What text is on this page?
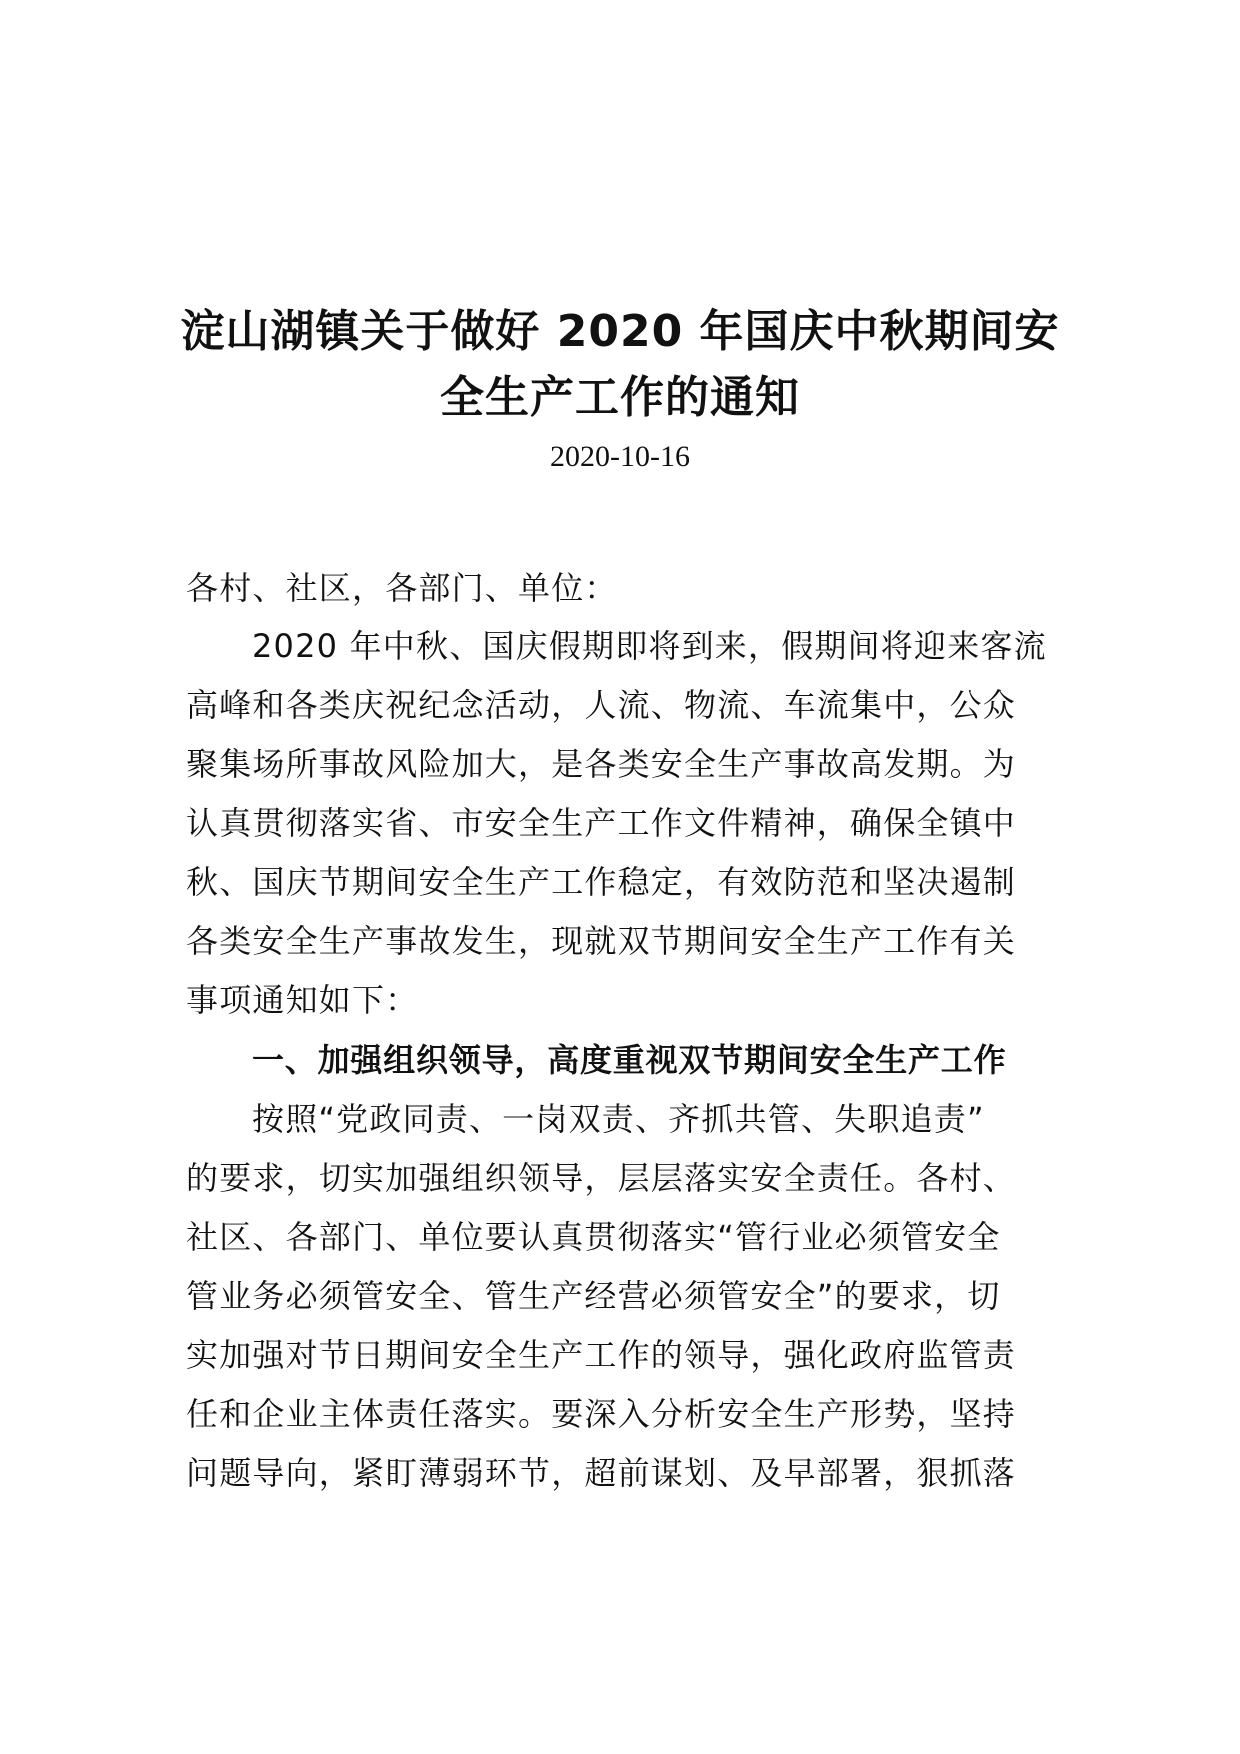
淀山湖镇关于做好 2020 年国庆中秋期间安
全生产工作的通知
2020-10-16
各村、社区，各部门、单位：
2020 年中秋、国庆假期即将到来，假期间将迎来客流
高峰和各类庆祝纪念活动，人流、物流、车流集中，公众
聚集场所事故风险加大，是各类安全生产事故高发期。为
认真贯彻落实省、市安全生产工作文件精神，确保全镇中
秋、国庆节期间安全生产工作稳定，有效防范和坚决遏制
各类安全生产事故发生，现就双节期间安全生产工作有关
事项通知如下：
一、加强组织领导，高度重视双节期间安全生产工作
按照“党政同责、一岗双责、齐抓共管、失职追责”
的要求，切实加强组织领导，层层落实安全责任。各村、
社区、各部门、单位要认真贯彻落实“管行业必须管安全
管业务必须管安全、管生产经营必须管安全”的要求，切
实加强对节日期间安全生产工作的领导，强化政府监管责
任和企业主体责任落实。要深入分析安全生产形势，坚持
问题导向，紧盯薄弱环节，超前谋划、及早部署，狠抓落
